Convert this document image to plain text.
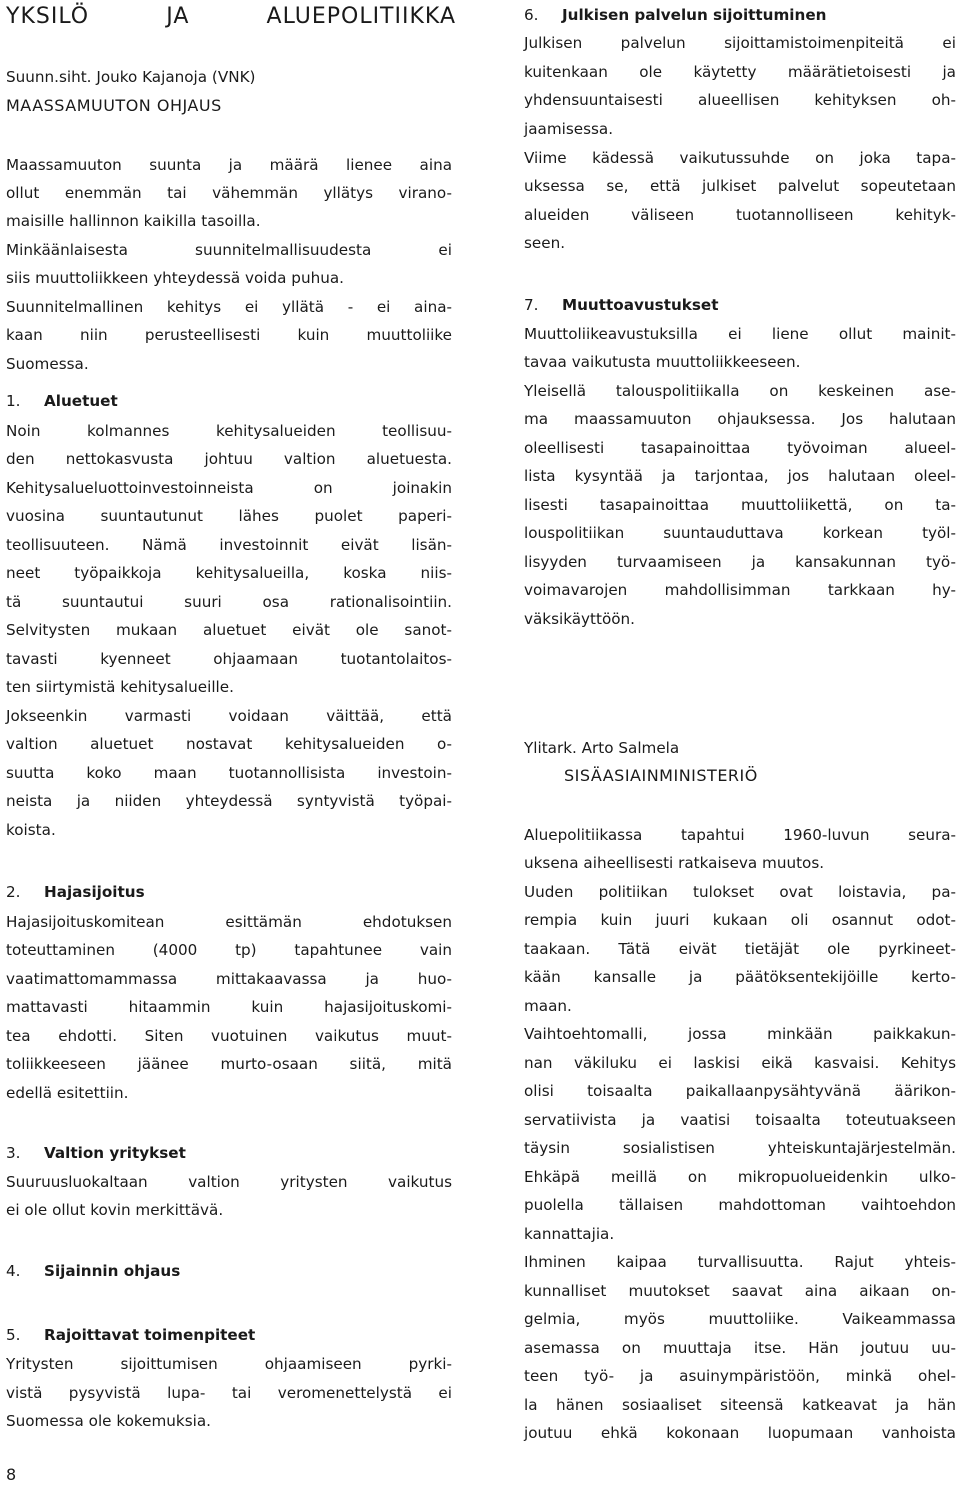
YKSILÖ	JA	ALUEPOLITIIKKA
Suunn.siht. Jouko Kajanoja (VNK)
MAASSAMUUTON OHJAUS
Maassamuuton suunta ja määrä lienee aina
ollut enemmän tai vähemmän yllätys virano-
maisille hallinnon kaikilla tasoilla.
Minkäänlaisesta suunnitelmallisuudesta ei
siis muuttoliikkeen yhteydessä voida puhua.
Suunnitelmallinen kehitys ei yllätä - ei aina-
kaan niin perusteellisesti kuin muuttoliike
Suomessa.
1. Aluetuet
Noin kolmannes kehitysalueiden teollisuu-
den nettokasvusta johtuu valtion aluetuesta.
Kehitysalueluottoinvestoinneista on joinakin
vuosina suuntautunut lähes puolet paperi-
teollisuuteen. Nämä investoinnit eivät lisän-
neet työpaikkoja kehitysalueilla, koska niis-
tä suuntautui suuri osa rationalisointiin.
Selvitysten mukaan aluetuet eivät ole sanot-
tavasti kyenneet ohjaamaan tuotantolaitos-
ten siirtymistä kehitysalueille.
Jokseenkin varmasti voidaan väittää, että
valtion aluetuet nostavat kehitysalueiden o-
suutta koko maan tuotannollisista investoin-
neista ja niiden yhteydessä syntyvistä työpai-
koista.
2. Hajasijoitus
Hajasijoituskomitean esittämän ehdotuksen
toteuttaminen (4000 tp) tapahtunee vain
vaatimattomammassa mittakaavassa ja huo-
mattavasti hitaammin kuin hajasijoituskomi-
tea ehdotti. Siten vuotuinen vaikutus muut-
toliikkeeseen jäänee murto-osaan siitä, mitä
edellä esitettiin.
3. Valtion yritykset
Suuruusluokaltaan valtion yritysten vaikutus
ei ole ollut kovin merkittävä.
4. Sijainnin ohjaus
5. Rajoittavat toimenpiteet
Yritysten sijoittumisen ohjaamiseen pyrki-
vistä pysyvistä lupa- tai veromenettelystä ei
Suomessa ole kokemuksia.
8
6. Julkisen palvelun sijoittuminen
Julkisen palvelun sijoittamistoimenpiteitä ei
kuitenkaan ole käytetty määrätietoisesti ja
yhdensuuntaisesti alueellisen kehityksen oh-
jaamisessa.
Viime kädessä vaikutussuhde on joka tapa-
uksessa se, että julkiset palvelut sopeutetaan
alueiden väliseen tuotannolliseen kehityk-
seen.
7. Muuttoavustukset
Muuttoliikeavustuksilla ei liene ollut mainit-
tavaa vaikutusta muuttoliikkeeseen.
Yleisellä talouspolitiikalla on keskeinen ase-
ma maassamuuton ohjauksessa. Jos halutaan
oleellisesti tasapainoittaa työvoiman alueel-
lista kysyntää ja tarjontaa, jos halutaan oleel-
lisesti tasapainoittaa muuttoliikettä, on ta-
louspolitiikan suuntauduttava korkean työl-
lisyyden turvaamiseen ja kansakunnan työ-
voimavarojen mahdollisimman tarkkaan hy-
väksikäyttöön.
Ylitark. Arto Salmela
SISÄASIAINMINISTERIÖ
Aluepolitiikassa tapahtui 1960-luvun seura-
uksena aiheellisesti ratkaiseva muutos.
Uuden politiikan tulokset ovat loistavia, pa-
rempia kuin juuri kukaan oli osannut odot-
taakaan. Tätä eivät tietäjät ole pyrkineet-
kään kansalle ja päätöksentekijöille kerto-
maan.
Vaihtoehtomalli, jossa minkään paikkakun-
nan väkiluku ei laskisi eikä kasvaisi. Kehitys
olisi toisaalta paikallaanpysähtyvänä äärikon-
servatiivista ja vaatisi toisaalta toteutuakseen
täysin sosialistisen yhteiskuntajärjestelmän.
Ehkäpä meillä on mikropuolueidenkin ulko-
puolella tällaisen mahdottoman vaihtoehdon
kannattajia.
Ihminen kaipaa turvallisuutta. Rajut yhteis-
kunnalliset muutokset saavat aina aikaan on-
gelmia, myös muuttoliike. Vaikeammassa
asemassa on muuttaja itse. Hän joutuu uu-
teen työ- ja asuinympäristöön, minkä ohel-
la hänen sosiaaliset siteensä katkeavat ja hän
joutuu ehkä kokonaan luopumaan vanhoista
